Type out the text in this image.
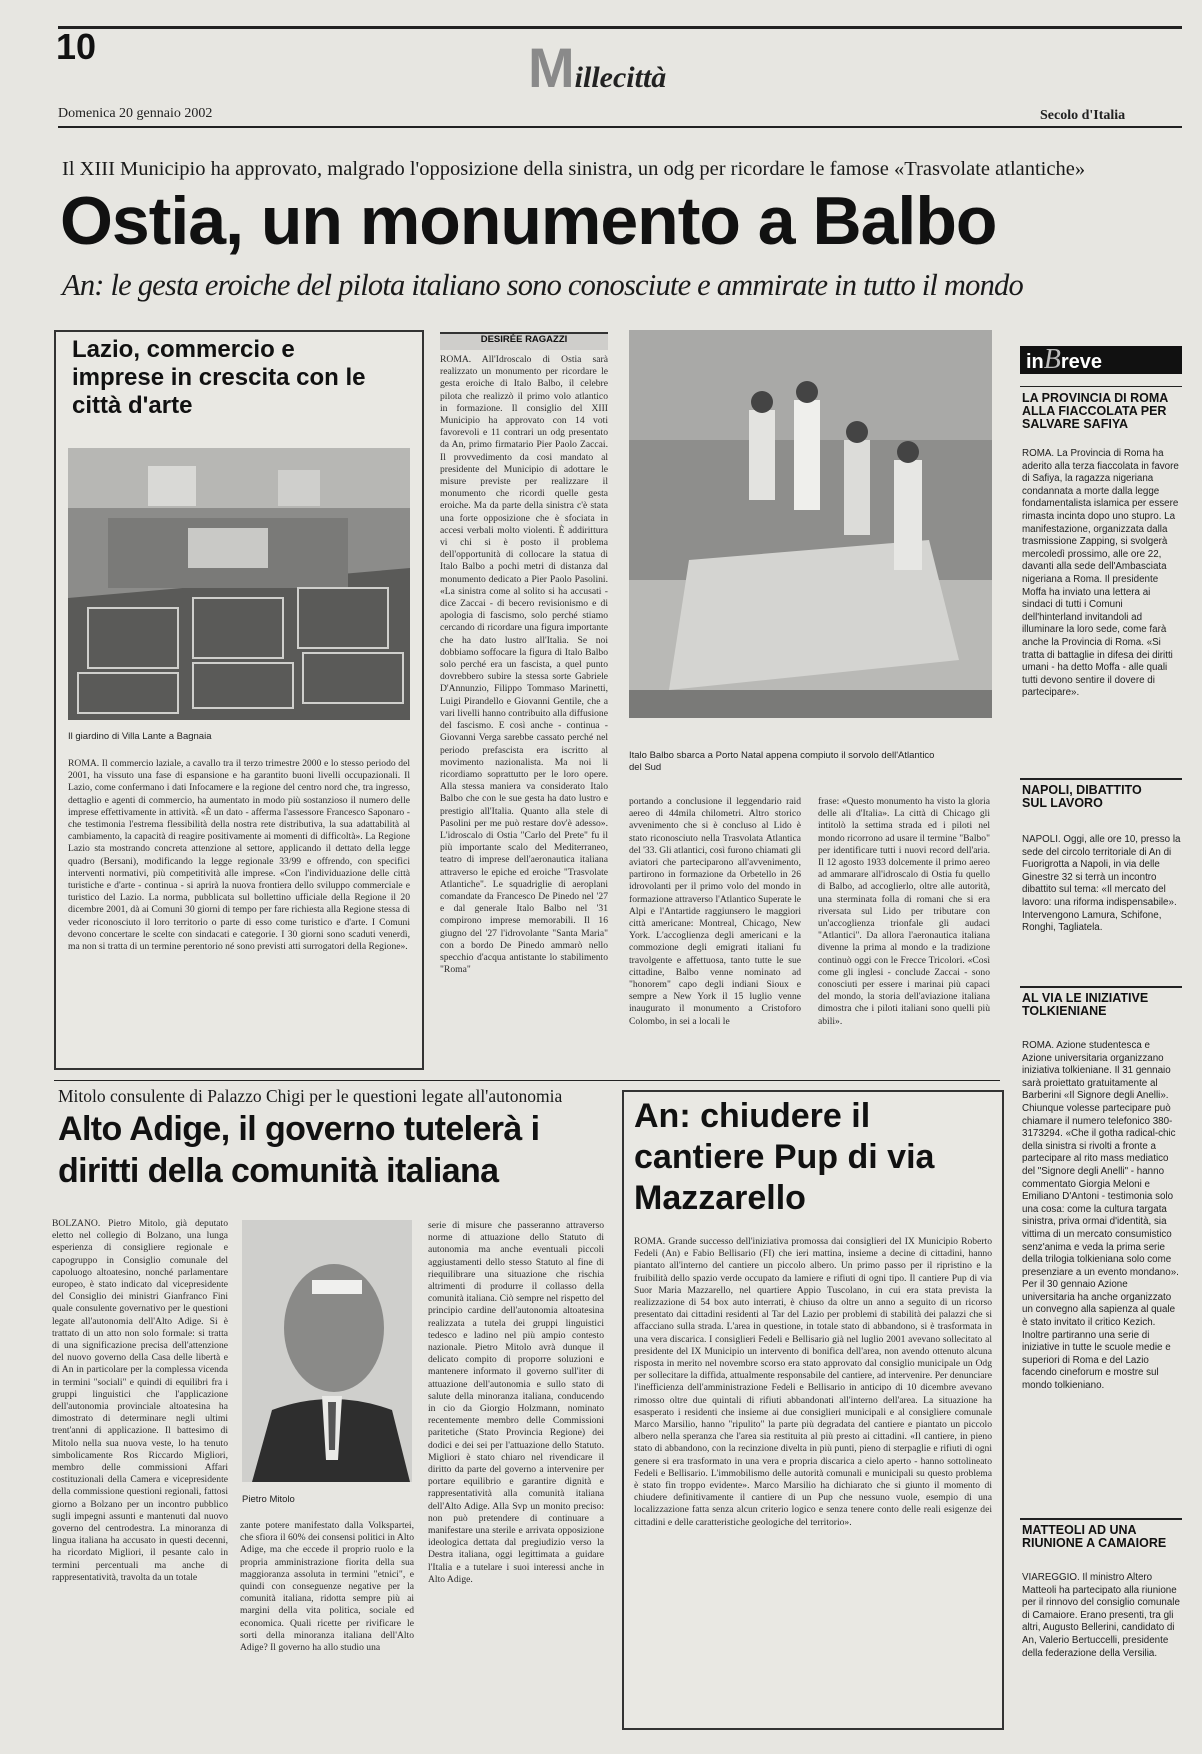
10	Millecittà
Domenica 20 gennaio 2002	Secolo d'Italia
Il XIII Municipio ha approvato, malgrado l'opposizione della sinistra, un odg per ricordare le famose «Trasvolate atlantiche»
Ostia, un monumento a Balbo
An: le gesta eroiche del pilota italiano sono conosciute e ammirate in tutto il mondo
Lazio, commercio e imprese in crescita con le città d'arte
Il giardino di Villa Lante a Bagnaia
ROMA. Il commercio laziale, a cavallo tra il terzo trimestre 2000 e lo stesso periodo del 2001, ha vissuto una fase di espansione e ha garantito buoni livelli occupazionali. Il Lazio, come confermano i dati Infocamere e la regione del centro nord che, tra ingresso, dettaglio e agenti di commercio, ha aumentato in modo più sostanzioso il numero delle imprese effettivamente in attività. «È un dato - afferma l'assessore Francesco Saponaro - che testimonia l'estrema flessibilità della nostra rete distributiva, la sua adattabilità al cambiamento, la capacità di reagire positivamente ai momenti di difficoltà». La Regione Lazio sta mostrando concreta attenzione al settore, applicando il dettato della legge quadro (Bersani), modificando la legge regionale 33/99 e offrendo, con specifici interventi normativi, più competitività alle imprese. «Con l'individuazione delle città turistiche e d'arte - continua - si aprirà la nuova frontiera dello sviluppo commerciale e turistico del Lazio. La norma, pubblicata sul bollettino ufficiale della Regione il 20 dicembre 2001, dà ai Comuni 30 giorni di tempo per fare richiesta alla Regione stessa di veder riconosciuto il loro territorio o parte di esso come turistico e d'arte. I Comuni devono concertare le scelte con sindacati e categorie. I 30 giorni sono scaduti venerdì, ma non si tratta di un termine perentorio né sono previsti atti surrogatori della Regione».
DESIRÉE RAGAZZI
ROMA. All'Idroscalo di Ostia sarà realizzato un monumento per ricordare le gesta eroiche di Italo Balbo, il celebre pilota che realizzò il primo volo atlantico in formazione. Il consiglio del XIII Municipio ha approvato con 14 voti favorevoli e 11 contrari un odg presentato da An, primo firmatario Pier Paolo Zaccai. Il provvedimento da cosi mandato al presidente del Municipio di adottare le misure previste per realizzare il monumento che ricordi quelle gesta eroiche. Ma da parte della sinistra c'è stata una forte opposizione che è sfociata in accesi verbali molto violenti. È addirittura vi chi si è posto il problema dell'opportunità di collocare la statua di Italo Balbo a pochi metri di distanza dal monumento dedicato a Pier Paolo Pasolini. «La sinistra come al solito si ha accusati - dice Zaccai - di becero revisionismo e di apologia di fascismo, solo perché stiamo cercando di ricordare una figura importante che ha dato lustro all'Italia. Se noi dobbiamo soffocare la figura di Italo Balbo solo perché era un fascista, a quel punto dovrebbero subire la stessa sorte Gabriele D'Annunzio, Filippo Tommaso Marinetti, Luigi Pirandello e Giovanni Gentile, che a vari livelli hanno contribuito alla diffusione del fascismo. E così anche - continua - Giovanni Verga sarebbe cassato perché nel periodo prefascista era iscritto al movimento nazionalista. Ma noi li ricordiamo soprattutto per le loro opere. Alla stessa maniera va considerato Italo Balbo che con le sue gesta ha dato lustro e prestigio all'Italia. Quanto alla stele di Pasolini per me può restare dov'è adesso». L'idroscalo di Ostia "Carlo del Prete" fu il più importante scalo del Mediterraneo, teatro di imprese dell'aeronautica italiana attraverso le epiche ed eroiche "Trasvolate Atlantiche". Le squadriglie di aeroplani comandate da Francesco De Pinedo nel '27 e dal generale Italo Balbo nel '31 compirono imprese memorabili. Il 16 giugno del '27 l'idrovolante "Santa Maria" con a bordo De Pinedo ammarò nello specchio d'acqua antistante lo stabilimento "Roma"
Italo Balbo sbarca a Porto Natal appena compiuto il sorvolo dell'Atlantico del Sud
portando a conclusione il leggendario raid aereo di 44mila chilometri. Altro storico avvenimento che si è concluso al Lido è stato riconosciuto nella Trasvolata Atlantica del '33. Gli atlantici, così furono chiamati gli aviatori che parteciparono all'avvenimento, partirono in formazione da Orbetello in 26 idrovolanti per il primo volo del mondo in formazione attraverso l'Atlantico Superate le Alpi e l'Antartide raggiunsero le maggiori città americane: Montreal, Chicago, New York. L'accoglienza degli americani e la commozione degli emigrati italiani fu travolgente e affettuosa, tanto tutte le sue cittadine, Balbo venne nominato ad "honorem" capo degli indiani Sioux e sempre a New York il 15 luglio venne inaugurato il monumento a Cristoforo Colombo, in sei a locali le
frase: «Questo monumento ha visto la gloria delle ali d'Italia». La città di Chicago gli intitolò la settima strada ed i piloti nel mondo ricorrono ad usare il termine "Balbo" per identificare tutti i nuovi record dell'aria. Il 12 agosto 1933 dolcemente il primo aereo ad ammarare all'idroscalo di Ostia fu quello di Balbo, ad accoglierlo, oltre alle autorità, una sterminata folla di romani che si era riversata sul Lido per tributare con un'accoglienza trionfale gli audaci "Atlantici". Da allora l'aeronautica italiana divenne la prima al mondo e la tradizione continuò oggi con le Frecce Tricolori. «Così come gli inglesi - conclude Zaccai - sono conosciuti per essere i marinai più capaci del mondo, la storia dell'aviazione italiana dimostra che i piloti italiani sono quelli più abili».
inBreve
LA PROVINCIA DI ROMA ALLA FIACCOLATA PER SALVARE SAFIYA
ROMA. La Provincia di Roma ha aderito alla terza fiaccolata in favore di Safiya, la ragazza nigeriana condannata a morte dalla legge fondamentalista islamica per essere rimasta incinta dopo uno stupro. La manifestazione, organizzata dalla trasmissione Zapping, si svolgerà mercoledì prossimo, alle ore 22, davanti alla sede dell'Ambasciata nigeriana a Roma. Il presidente Moffa ha inviato una lettera ai sindaci di tutti i Comuni dell'hinterland invitandoli ad illuminare la loro sede, come farà anche la Provincia di Roma. «Si tratta di battaglie in difesa dei diritti umani - ha detto Moffa - alle quali tutti devono sentire il dovere di partecipare».
NAPOLI, DIBATTITO SUL LAVORO
NAPOLI. Oggi, alle ore 10, presso la sede del circolo territoriale di An di Fuorigrotta a Napoli, in via delle Ginestre 32 si terrà un incontro dibattito sul tema: «Il mercato del lavoro: una riforma indispensabile». Intervengono Lamura, Schifone, Ronghi, Tagliatela.
AL VIA LE INIZIATIVE TOLKIENIANE
ROMA. Azione studentesca e Azione universitaria organizzano iniziativa tolkieniane. Il 31 gennaio sarà proiettato gratuitamente al Barberini «Il Signore degli Anelli». Chiunque volesse partecipare può chiamare il numero telefonico 380-3173294. «Che il gotha radical-chic della sinistra si rivolti a fronte a partecipare al rito mass mediatico del "Signore degli Anelli" - hanno commentato Giorgia Meloni e Emiliano D'Antoni - testimonia solo una cosa: come la cultura targata sinistra, priva ormai d'identità, sia vittima di un mercato consumistico senz'anima e veda la prima serie della trilogia tolkieniana solo come presenziare a un evento mondano». Per il 30 gennaio Azione universitaria ha anche organizzato un convegno alla sapienza al quale è stato invitato il critico Kezich. Inoltre partiranno una serie di iniziative in tutte le scuole medie e superiori di Roma e del Lazio facendo cineforum e mostre sul mondo tolkieniano.
MATTEOLI AD UNA RIUNIONE A CAMAIORE
VIAREGGIO. Il ministro Altero Matteoli ha partecipato alla riunione per il rinnovo del consiglio comunale di Camaiore. Erano presenti, tra gli altri, Augusto Bellerini, candidato di An, Valerio Bertuccelli, presidente della federazione della Versilia.
Mitolo consulente di Palazzo Chigi per le questioni legate all'autonomia
Alto Adige, il governo tutelerà i diritti della comunità italiana
BOLZANO. Pietro Mitolo, già deputato eletto nel collegio di Bolzano, una lunga esperienza di consigliere regionale e capogruppo in Consiglio comunale del capoluogo altoatesino, nonché parlamentare europeo, è stato indicato dal vicepresidente del Consiglio dei ministri Gianfranco Fini quale consulente governativo per le questioni legate all'autonomia dell'Alto Adige. Si è trattato di un atto non solo formale: si tratta di una significazione precisa dell'attenzione del nuovo governo della Casa delle libertà e di An in particolare per la complessa vicenda in termini "sociali" e quindi di equilibri fra i gruppi linguistici che l'applicazione dell'autonomia provinciale altoatesina ha dimostrato di determinare negli ultimi trent'anni di applicazione. Il battesimo di Mitolo nella sua nuova veste, lo ha tenuto simbolicamente Ros Riccardo Migliori, membro delle commissioni Affari costituzionali della Camera e vicepresidente della commissione questioni regionali, fattosi giorno a Bolzano per un incontro pubblico sugli impegni assunti e mantenuti dal nuovo governo del centrodestra. La minoranza di lingua italiana ha accusato in questi decenni, ha ricordato Migliori, il pesante calo in termini percentuali ma anche di rappresentatività, travolta da un totale
Pietro Mitolo
zante potere manifestato dalla Volkspartei, che sfiora il 60% dei consensi politici in Alto Adige, ma che eccede il proprio ruolo e la propria amministrazione fiorita della sua maggioranza assoluta in termini "etnici", e quindi con conseguenze negative per la comunità italiana, ridotta sempre più ai margini della vita politica, sociale ed economica. Quali ricette per rivificare le sorti della minoranza italiana dell'Alto Adige? Il governo ha allo studio una
serie di misure che passeranno attraverso norme di attuazione dello Statuto di autonomia ma anche eventuali piccoli aggiustamenti dello stesso Statuto al fine di riequilibrare una situazione che rischia altrimenti di produrre il collasso della comunità italiana. Ciò sempre nel rispetto del principio cardine dell'autonomia altoatesina realizzata a tutela dei gruppi linguistici tedesco e ladino nel più ampio contesto nazionale. Pietro Mitolo avrà dunque il delicato compito di proporre soluzioni e mantenere informato il governo sull'iter di attuazione dell'autonomia e sullo stato di salute della minoranza italiana, conducendo in cio da Giorgio Holzmann, nominato recentemente membro delle Commissioni paritetiche (Stato Provincia Regione) dei dodici e dei sei per l'attuazione dello Statuto. Migliori è stato chiaro nel rivendicare il diritto da parte del governo a intervenire per portare equilibrio e garantire dignità e rappresentatività alla comunità italiana dell'Alto Adige. Alla Svp un monito preciso: non può pretendere di continuare a manifestare una sterile e arrivata opposizione ideologica dettata dal pregiudizio verso la Destra italiana, oggi legittimata a guidare l'Italia e a tutelare i suoi interessi anche in Alto Adige.
An: chiudere il cantiere Pup di via Mazzarello
ROMA. Grande successo dell'iniziativa promossa dai consiglieri del IX Municipio Roberto Fedeli (An) e Fabio Bellisario (FI) che ieri mattina, insieme a decine di cittadini, hanno piantato all'interno del cantiere un piccolo albero. Un primo passo per il ripristino e la fruibilità dello spazio verde occupato da lamiere e rifiuti di ogni tipo. Il cantiere Pup di via Suor Maria Mazzarello, nel quartiere Appio Tuscolano, in cui era stata prevista la realizzazione di 54 box auto interrati, è chiuso da oltre un anno a seguito di un ricorso presentato dai cittadini residenti al Tar del Lazio per problemi di stabilità dei palazzi che si affacciano sulla strada. L'area in questione, in totale stato di abbandono, si è trasformata in una vera discarica. I consiglieri Fedeli e Bellisario già nel luglio 2001 avevano sollecitato al presidente del IX Municipio un intervento di bonifica dell'area, non avendo ottenuto alcuna risposta in merito nel novembre scorso era stato approvato dal consiglio municipale un Odg per sollecitare la diffida, attualmente responsabile del cantiere, ad intervenire. Per denunciare l'inefficienza dell'amministrazione Fedeli e Bellisario in anticipo di 10 dicembre avevano rimosso oltre due quintali di rifiuti abbandonati all'interno dell'area. La situazione ha esasperato i residenti che insieme ai due consiglieri municipali e al consigliere comunale Marco Marsilio, hanno "ripulito" la parte più degradata del cantiere e piantato un piccolo albero nella speranza che l'area sia restituita al più presto ai cittadini. «Il cantiere, in pieno stato di abbandono, con la recinzione divelta in più punti, pieno di sterpaglie e rifiuti di ogni genere si era trasformato in una vera e propria discarica a cielo aperto - hanno sottolineato Fedeli e Bellisario. L'immobilismo delle autorità comunali e municipali su questo problema è stato fin troppo evidente». Marco Marsilio ha dichiarato che si giunto il momento di chiudere definitivamente il cantiere di un Pup che nessuno vuole, esempio di una localizzazione fatta senza alcun criterio logico e senza tenere conto delle reali esigenze dei cittadini e delle caratteristiche geologiche del territorio».
